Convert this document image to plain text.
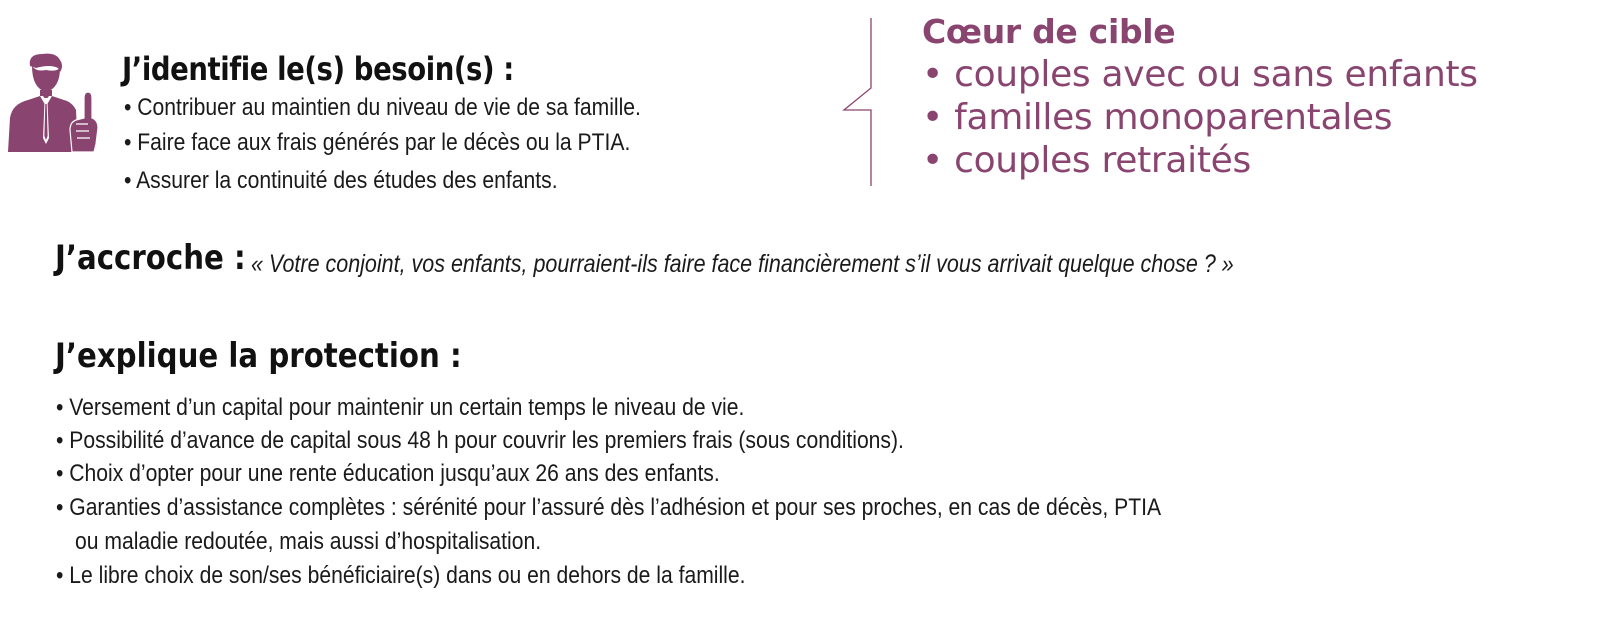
J’identifie le(s) besoin(s) :
• Contribuer au maintien du niveau de vie de sa famille.
• Faire face aux frais générés par le décès ou la PTIA.
• Assurer la continuité des études des enfants.
Cœur de cible
• couples avec ou sans enfants
• familles monoparentales
• couples retraités
J’accroche : « Votre conjoint, vos enfants, pourraient-ils faire face financièrement s’il vous arrivait quelque chose ? »
J’explique la protection :
• Versement d’un capital pour maintenir un certain temps le niveau de vie.
• Possibilité d’avance de capital sous 48 h pour couvrir les premiers frais (sous conditions).
• Choix d’opter pour une rente éducation jusqu’aux 26 ans des enfants.
• Garanties d’assistance complètes : sérénité pour l’assuré dès l’adhésion et pour ses proches, en cas de décès, PTIA
ou maladie redoutée, mais aussi d’hospitalisation.
• Le libre choix de son/ses bénéficiaire(s) dans ou en dehors de la famille.
